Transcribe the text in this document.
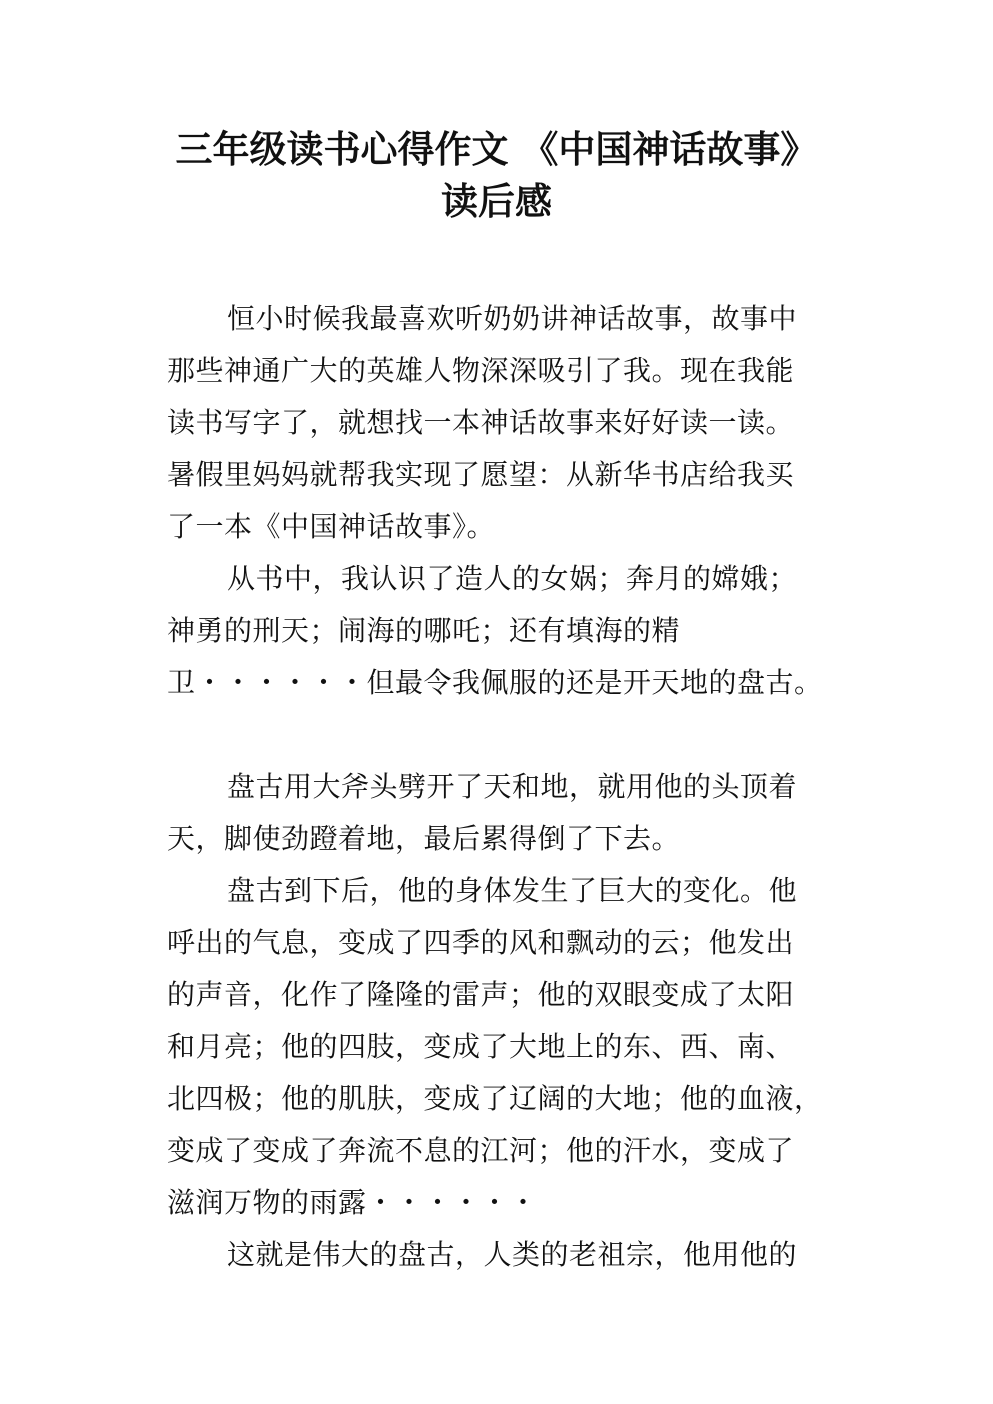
三年级读书心得作文 《中国神话故事》
读后感
恒小时候我最喜欢听奶奶讲神话故事，故事中
那些神通广大的英雄人物深深吸引了我。现在我能
读书写字了，就想找一本神话故事来好好读一读。
暑假里妈妈就帮我实现了愿望：从新华书店给我买
了一本《中国神话故事》。
从书中，我认识了造人的女娲；奔月的嫦娥；
神勇的刑天；闹海的哪吒；还有填海的精
卫・・・・・・但最令我佩服的还是开天地的盘古。
盘古用大斧头劈开了天和地，就用他的头顶着
天，脚使劲蹬着地，最后累得倒了下去。
盘古到下后，他的身体发生了巨大的变化。他
呼出的气息，变成了四季的风和飘动的云；他发出
的声音，化作了隆隆的雷声；他的双眼变成了太阳
和月亮；他的四肢，变成了大地上的东、西、南、
北四极；他的肌肤，变成了辽阔的大地；他的血液，
变成了变成了奔流不息的江河；他的汗水，变成了
滋润万物的雨露・・・・・・
这就是伟大的盘古，人类的老祖宗，他用他的
